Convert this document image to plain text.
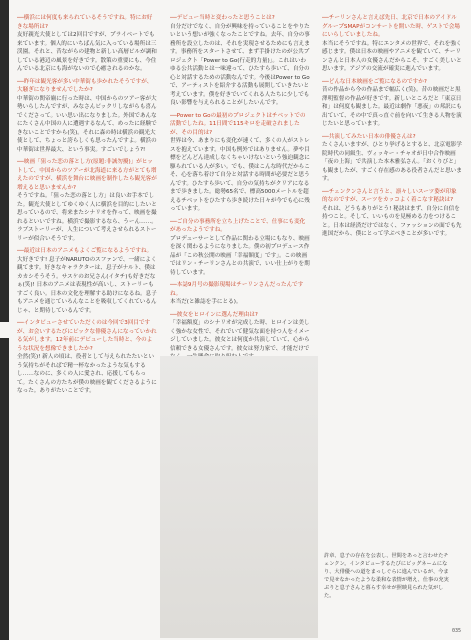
──横浜には何度も来られているそうですね。特にお好きな場所は?
友好親光大使としては2回目ですが、プライベートでも来ています。個人的にいちばん気に入っている場所は三渓園。それと、昔ながらの建物と新しい高層ビルが調和している港辺の風景を好きです。散策の重要にも、今住んでいる北京にも海がないので心癒されるのかな。
──昨年は観光客が多い中華街も歩かれたそうですが、大騒ぎになりませんでしたか?
中華街の関帝廟に行った時は、中国からのツアー客が大勢いらしたんですが、みなさんビックリしながらも喜んでくださって。いい思い出になりました。外国であんなにたくさん中国の人に遭遇するなんて、めったに経験できないことですから(笑)。それに森の時は横浜の観光大使として、ちょっと誇らしくも思ったんですよ。横浜の中華街は世界最大、という事実。すごいでしょう?!
──映画「狙った恋の落とし方(原題:非誠勿擾)」がヒットして、中国からのツアーが北海道に来る方がとても増えたのですが、横浜を舞台に映画を制作したら観光客が増えると思いませんか?
そうですね。「狙った恋の落とし方」は良いお手本でした。観光大使としてゆくゆく人に横浜を目的にしたいと思っているので、将来またシナリオを作って、映画を撮れるといいですね。横浜で撮影するなら、うーん……。ラブストーリーが、人生について考えさせられるストーリーが似合いそうです。
──最近は日本のアニメもよくご覧になるようですね。
大好きです! 息子がNARUTOのスファンで、一緒によく観てます。好きなキャラクターは、息子がナルト、僕はカカシそうそう。サスケのお兄さん(イタチ)も好きだなぁ(笑)! 日本のアニメは表現性が高いし、ストーリーもすごく良い。日本の文化を理解する助けになるね。息子もアニメを通じていろんなことを吸収してくれているんじゃ、と期待しているんです。
──インタビューさせていただくのは今回で3回目ですが、お会いするたびにビックな俳優さんになっていかれる気がします。12年前にデビューした当時と、今のような状況を想像できましたか?
全然(笑)! 新人の頃は、役者として与えられたたいという気持ちがそればで精一杯なかったような気もするし……なのに、多くの人に愛され、応援してもらって。たくさんの方たちが僕の映画を観てくださるようになった。ありがたいことです。
──デビュー当時と変わったと思うことは?
自分だけでなく、自分が興味を持っていることをやりたいという想いが強くなったことですね。去年、自分の事務所を設立したのは、それを実現させるためにも言えます。事務所をスタートさせて、まず手掛けたのが公共プロジェクト「Power to Go(行走的力量)」。これはいわゆる公共活動とは一味違って、ひたすら歩いて、自分の心と対話するための活動なんです。今後はPower to Goで、アーティストを紹介する活動も展開していきたいと考えています。僕を好きでいてくれる人たちに少しでも良い影響を与えられることがしたいんです。
──Power to Goの最初のプロジェクトはチベットでの活動でしたね。11日間で115キロを走破されましたが、その目的は?
世界は今、あまりにも変化が速くて、多くの人がストレスを抱えています。中国も例外ではありません。夢や目標をどんどん達成しなくちゃいけないという強迫観念に駆られている人が多い。でも、僕はこんな時代だからこそ、心を落ち着けて自分と対話する時間が必要だと思うんです。ひたすら歩いて、自分の気持ちがクリアになるまで歩きました。総勢65名で、標高5000メートルを超えるチベットをひたすら歩き続けた日々が今でも心に残っています。
──ご自分の事務所を立ち上げたことで、仕事にも変化があったようですね。
プロデューサーとして作品に関わる立場にもなり、映画を深く関わるようになりました。僕の初プロデュース作品が「この秋公開の映画「幸福額度」です」。この映画ではリン・チーリンさんとの共演で、いい仕上がりを期待しています。
──本誌9月号の撮影現場はチーリンさんだったんですね。
本当だ(と雑誌を手にとる)。
──彼女をヒロインに選んだ理由は?
「幸福額度」のシナリオが完成した時、ヒロインは美しく強かな女性で、それでいて健気な面を持つ人をイメージしていました。彼女とは何度か共演していて、心から信頼できる女優さんです。彼女は努力家で、才能だけで
──チーリンさんと言えば先日、北京で日本のアイドルグループSMAPがコンサートを開いた時、ゲストで会場にいらしていましたね。
本当にそうですね。特にエンタメの世界で、それを強く感じます。僕は日本の映画やアニメを観ていて、チーリンさんと日本人の女優さんだからこそ、すごく美しいと思います。アジアの交流が確実に進んでいます。
──どんな日本映画をご覧になるのですか?
昔の作品から今の作品まで幅広く(笑)。昔の映画だと黒澤明監督の作品が好きです。新しいところだと「東京日和」は何度も観ました。最近は劇作「悪夜」の邦訳にも出ていて、その中で真っ直ぐ前を向いて生きる人物を演じたいと思っています。
──共演してみたい日本の俳優さんは?
たくさんいますが、ひとり挙げるとすると、北京電影学院時代の同級生、ヴィッキー・チャオが日中合作映画「夜の上海」で共演した本木雅弘さん。「おくりびと」も観ましたが、すごく存在感のある役者さんだと思います。
──チェンクンさんと言うと、凛々しいスーツ姿が印象的なのですが、スーツをカッコよく着こなす秘訣は?
それは、どうもありがとう! 秘訣はまず、自分に自信を持つこと。そして、いいものを見極める力をつけること。日本は経済だけではなく、ファッションの面でも先進国だから、僕にとって学ぶべきことが多いです。
許章、息子の存在を公表し、世間をあっと言わせたチェンクン。インタビューするたびにビッグネームになり、大俳優への道をまっしぐらに進んでいるが、今まで見せなかったような柔和な表情が増え、仕事の充実ぶりと息子さんと暮らす幸せが照映見られた気がした。
035
